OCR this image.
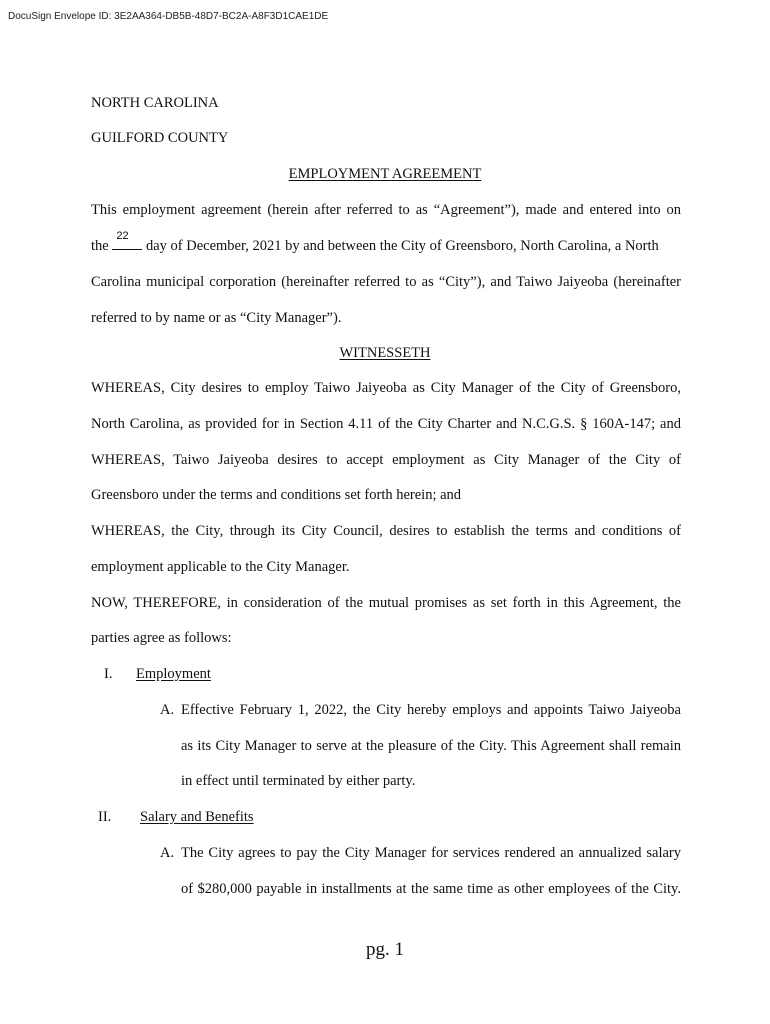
DocuSign Envelope ID: 3E2AA364-DB5B-48D7-BC2A-A8F3D1CAE1DE
NORTH CAROLINA
GUILFORD COUNTY
EMPLOYMENT AGREEMENT
This employment agreement (herein after referred to as “Agreement”), made and entered into on
the
22
day of December, 2021 by and between the City of Greensboro, North Carolina, a North
Carolina municipal corporation (hereinafter referred to as “City”), and Taiwo Jaiyeoba (hereinafter
referred to by name or as “City Manager”).
WITNESSETH
WHEREAS, City desires to employ Taiwo Jaiyeoba as City Manager of the City of Greensboro,
North Carolina, as provided for in Section 4.11 of the City Charter and N.C.G.S. § 160A-147; and
WHEREAS, Taiwo Jaiyeoba desires to accept employment as City Manager of the City of
Greensboro under the terms and conditions set forth herein; and
WHEREAS, the City, through its City Council, desires to establish the terms and conditions of
employment applicable to the City Manager.
NOW, THEREFORE, in consideration of the mutual promises as set forth in this Agreement, the
parties agree as follows:
I. Employment
A. Effective February 1, 2022, the City hereby employs and appoints Taiwo Jaiyeoba
as its City Manager to serve at the pleasure of the City. This Agreement shall remain
in effect until terminated by either party.
II. Salary and Benefits
A. The City agrees to pay the City Manager for services rendered an annualized salary
of $280,000 payable in installments at the same time as other employees of the City.
pg. 1
